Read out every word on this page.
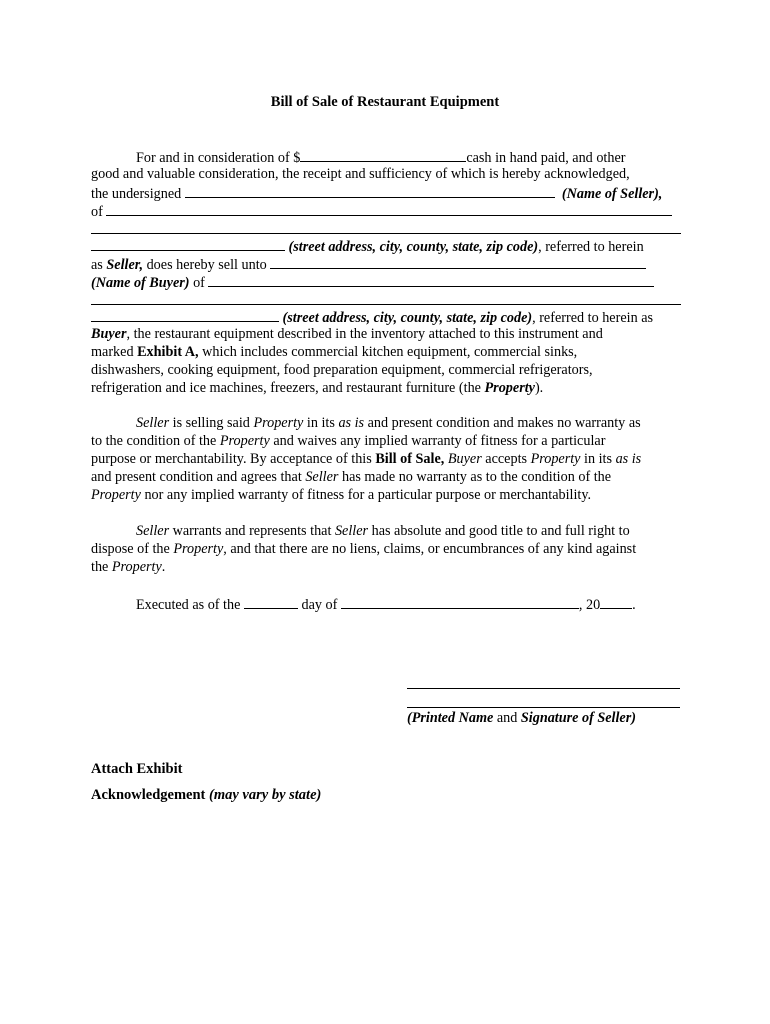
Bill of Sale of Restaurant Equipment
For and in consideration of $	cash in hand paid, and other
good and valuable consideration, the receipt and sufficiency of which is hereby acknowledged,
the undersigned	(Name of Seller),
of
(street address, city, county, state, zip code), referred to herein
as Seller, does hereby sell unto
(Name of Buyer) of
(street address, city, county, state, zip code), referred to herein as
Buyer, the restaurant equipment described in the inventory attached to this instrument and
marked Exhibit A, which includes commercial kitchen equipment, commercial sinks,
dishwashers, cooking equipment, food preparation equipment, commercial refrigerators,
refrigeration and ice machines, freezers, and restaurant furniture (the Property).
Seller is selling said Property in its as is and present condition and makes no warranty as
to the condition of the Property and waives any implied warranty of fitness for a particular
purpose or merchantability. By acceptance of this Bill of Sale, Buyer accepts Property in its as is
and present condition and agrees that Seller has made no warranty as to the condition of the
Property nor any implied warranty of fitness for a particular purpose or merchantability.
Seller warrants and represents that Seller has absolute and good title to and full right to
dispose of the Property, and that there are no liens, claims, or encumbrances of any kind against
the Property.
Executed as of the	day of	, 20 .
(Printed Name and Signature of Seller)
Attach Exhibit
Acknowledgement (may vary by state)
